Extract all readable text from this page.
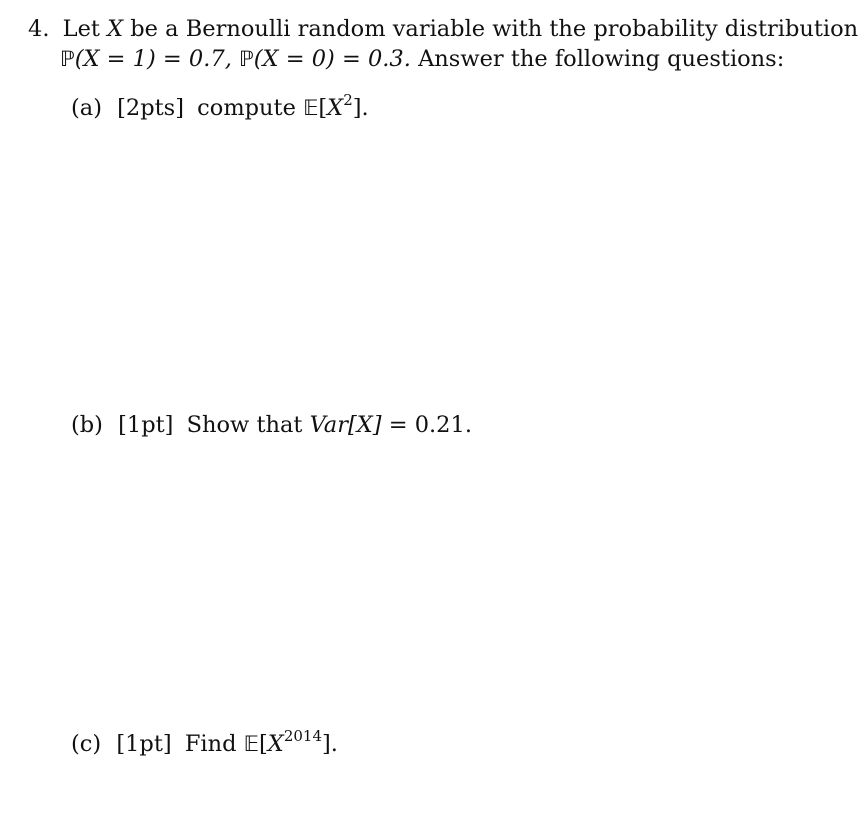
4. Let X be a Bernoulli random variable with the probability distribution
ℙ(X = 1) = 0.7, ℙ(X = 0) = 0.3. Answer the following questions:
(a) [2pts] compute $𝔼[X^2]$.
(b) [1pt] Show that Var[X] = 0.21.
(c) [1pt] Find $𝔼[X^{2014}]$.
